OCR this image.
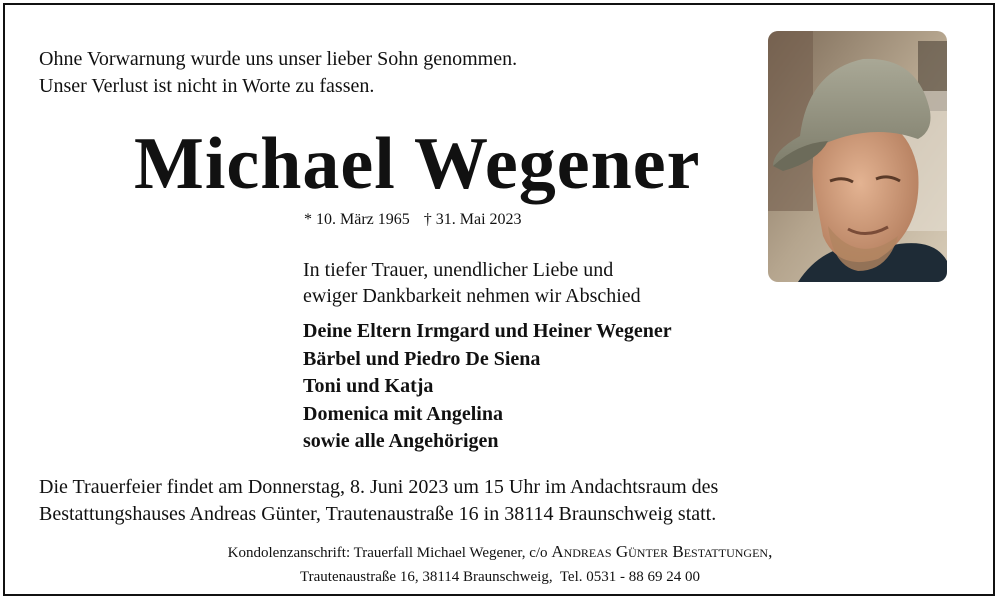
Ohne Vorwarnung wurde uns unser lieber Sohn genommen.
Unser Verlust ist nicht in Worte zu fassen.
Michael Wegener
* 10. März 1965 † 31. Mai 2023
In tiefer Trauer, unendlicher Liebe und
ewiger Dankbarkeit nehmen wir Abschied
Deine Eltern Irmgard und Heiner Wegener
Bärbel und Piedro De Siena
Toni und Katja
Domenica mit Angelina
sowie alle Angehörigen
Die Trauerfeier findet am Donnerstag, 8. Juni 2023 um 15 Uhr im Andachtsraum des
Bestattungshauses Andreas Günter, Trautenaustraße 16 in 38114 Braunschweig statt.
Kondolenzanschrift: Trauerfall Michael Wegener, c/o Andreas Günter Bestattungen,
Trautenaustraße 16, 38114 Braunschweig, Tel. 0531 - 88 69 24 00
